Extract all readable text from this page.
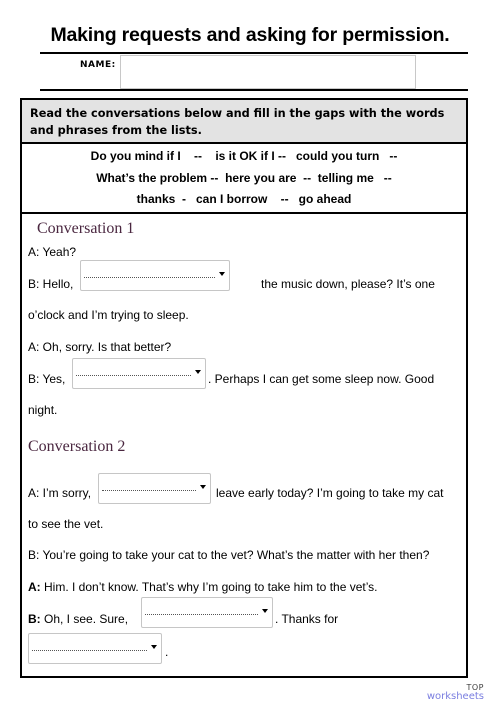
Making requests and asking for permission.
NAME:
Read the conversations below and fill in the gaps with the words and phrases from the lists.
Do you mind if I    --    is it OK if I --   could you turn   --
What’s the problem --  here you are  --  telling me   --
thanks  -   can I borrow    --   go ahead
Conversation 1
A: Yeah?
B: Hello,	the music down, please? It’s one
o’clock and I’m trying to sleep.
A: Oh, sorry. Is that better?
B: Yes,	. Perhaps I can get some sleep now. Good
night.
Conversation 2
A: I’m sorry,	leave early today? I’m going to take my cat
to see the vet.
B: You’re going to take your cat to the vet? What’s the matter with her then?
A: Him. I don’t know. That’s why I’m going to take him to the vet’s.
B: Oh, I see. Sure,	. Thanks for
.
TOP
worksheets
